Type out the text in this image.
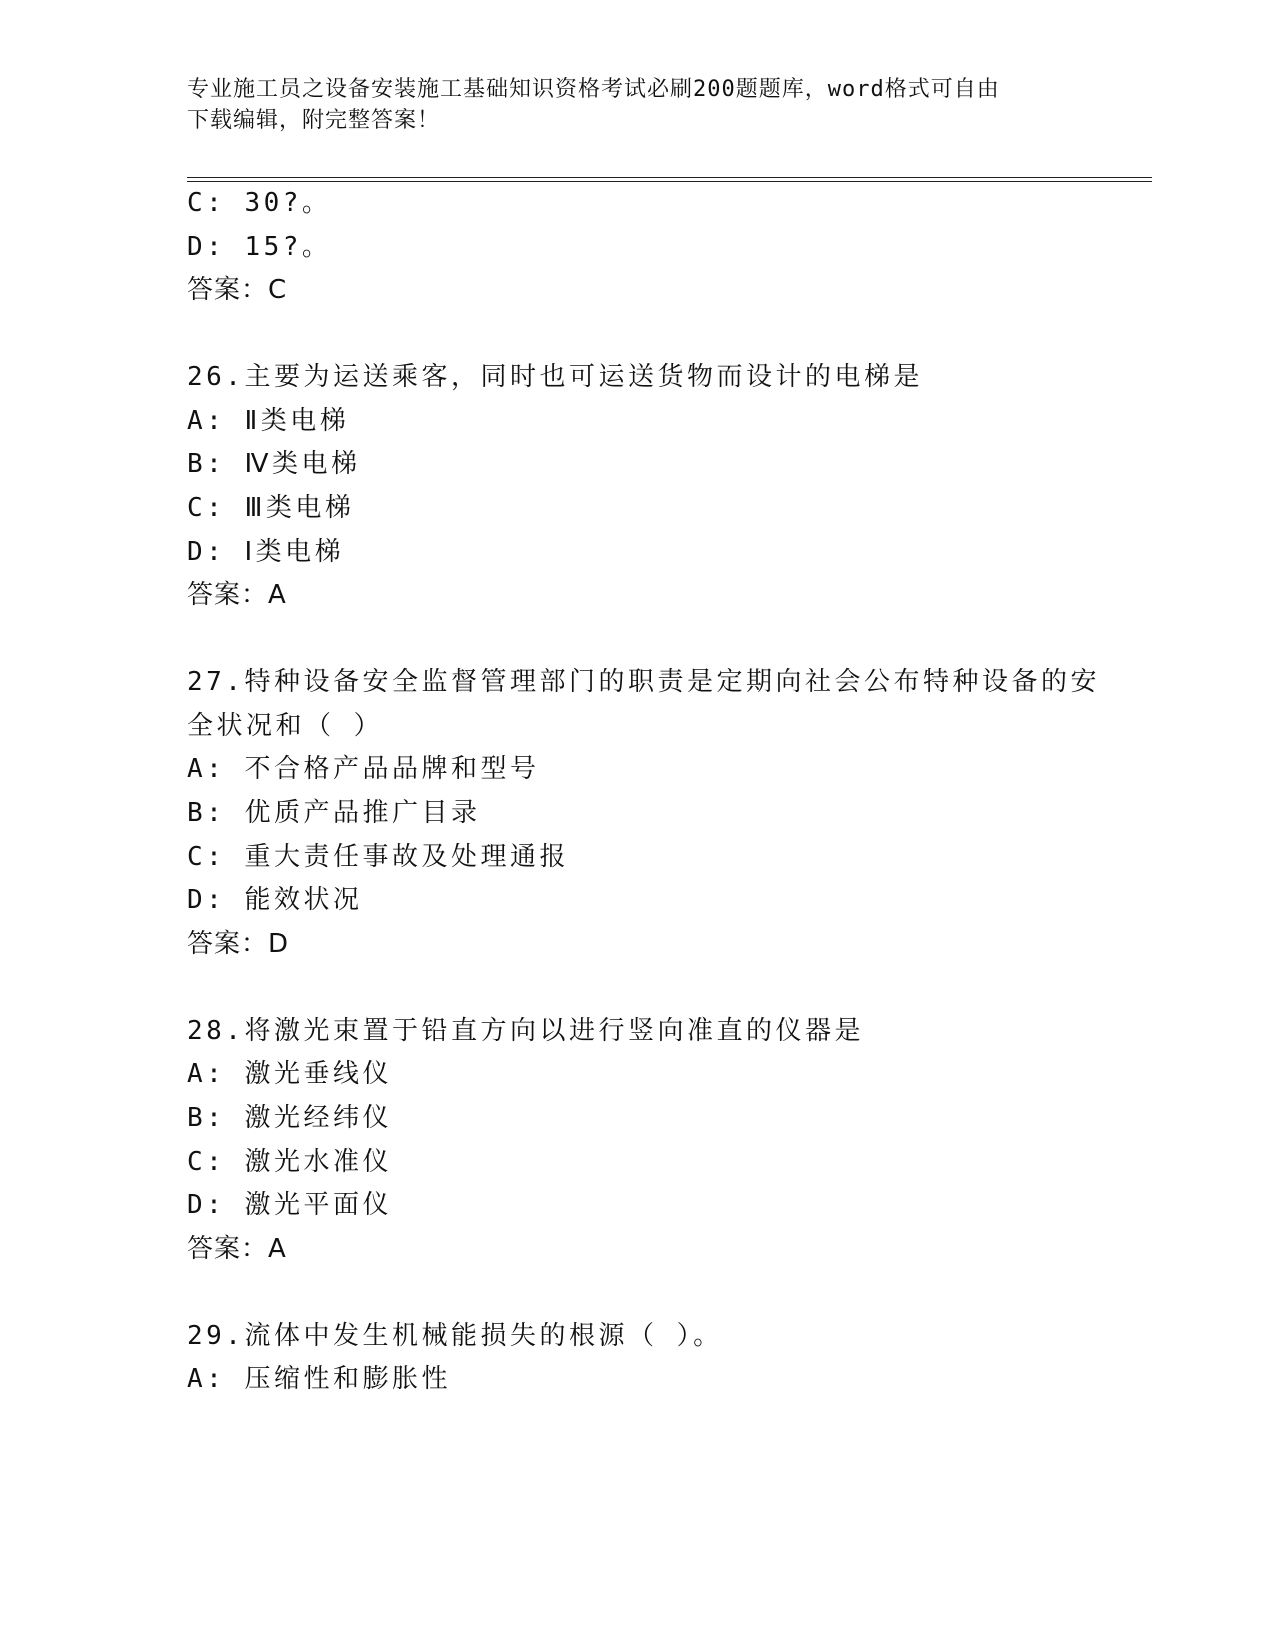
专业施工员之设备安装施工基础知识资格考试必刷200题题库，word格式可自由
下载编辑，附完整答案！
C: 30?。
D: 15?。
答案：C
26.主要为运送乘客，同时也可运送货物而设计的电梯是
A: Ⅱ类电梯
B: Ⅳ类电梯
C: Ⅲ类电梯
D: Ⅰ类电梯
答案：A
27.特种设备安全监督管理部门的职责是定期向社会公布特种设备的安
全状况和（ ）
A: 不合格产品品牌和型号
B: 优质产品推广目录
C: 重大责任事故及处理通报
D: 能效状况
答案：D
28.将激光束置于铅直方向以进行竖向准直的仪器是
A: 激光垂线仪
B: 激光经纬仪
C: 激光水准仪
D: 激光平面仪
答案：A
29.流体中发生机械能损失的根源（ ）。
A: 压缩性和膨胀性
